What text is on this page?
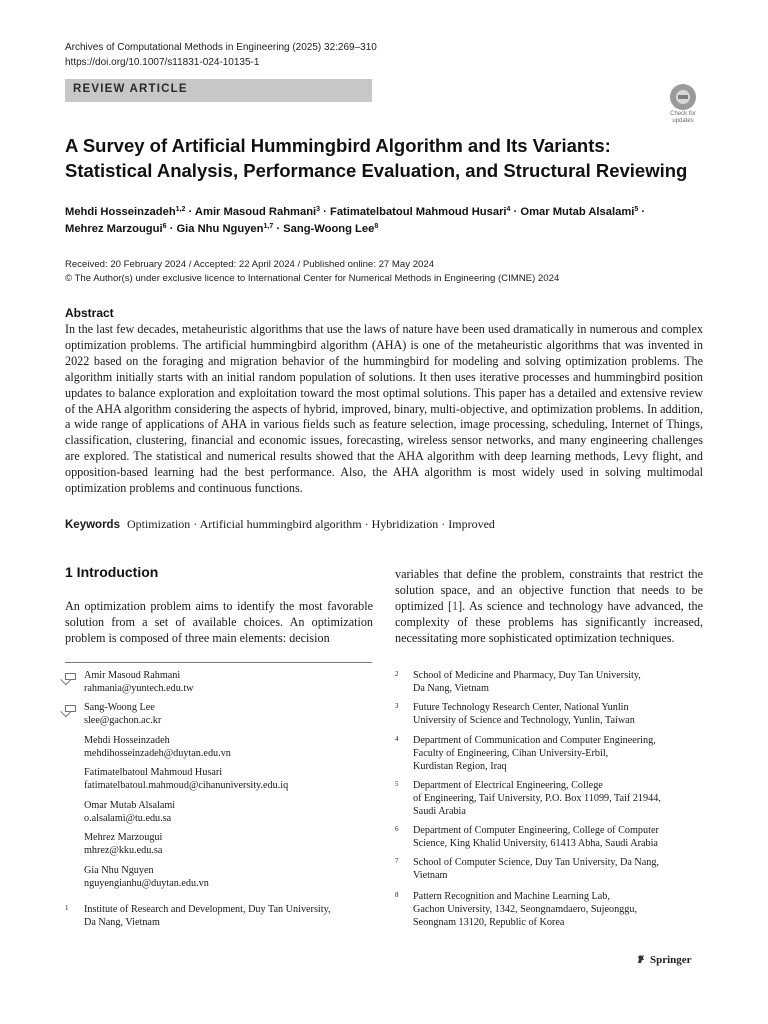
Archives of Computational Methods in Engineering (2025) 32:269–310
https://doi.org/10.1007/s11831-024-10135-1
REVIEW ARTICLE
Check for
updates
A Survey of Artificial Hummingbird Algorithm and Its Variants:
Statistical Analysis, Performance Evaluation, and Structural Reviewing
Mehdi Hosseinzadeh$^{1,2}$ · Amir Masoud Rahmani$^3$ · Fatimatelbatoul Mahmoud Husari$^4$ · Omar Mutab Alsalami$^5$ ·
Mehrez Marzougui$^6$ · Gia Nhu Nguyen$^{1,7}$ · Sang-Woong Lee$^8$
Received: 20 February 2024 / Accepted: 22 April 2024 / Published online: 27 May 2024
© The Author(s) under exclusive licence to International Center for Numerical Methods in Engineering (CIMNE) 2024
Abstract
In the last few decades, metaheuristic algorithms that use the laws of nature have been used dramatically in numerous and complex optimization problems. The artificial hummingbird algorithm (AHA) is one of the metaheuristic algorithms that was invented in 2022 based on the foraging and migration behavior of the hummingbird for modeling and solving optimization problems. The algorithm initially starts with an initial random population of solutions. It then uses iterative processes and hummingbird position updates to balance exploration and exploitation toward the most optimal solutions. This paper has a detailed and extensive review of the AHA algorithm considering the aspects of hybrid, improved, binary, multi-objective, and optimization problems. In addition, a wide range of applications of AHA in various fields such as feature selection, image processing, scheduling, Internet of Things, classification, clustering, financial and economic issues, forecasting, wireless sensor networks, and many engineering challenges are explored. The statistical and numerical results showed that the AHA algorithm with deep learning methods, Levy flight, and opposition-based learning had the best performance. Also, the AHA algorithm is most widely used in solving multimodal optimization problems and continuous functions.
Keywords Optimization · Artificial hummingbird algorithm · Hybridization · Improved
1 Introduction
An optimization problem aims to identify the most favorable solution from a set of available choices. An optimization problem is composed of three main elements: decision
variables that define the problem, constraints that restrict the solution space, and an objective function that needs to be optimized [1]. As science and technology have advanced, the complexity of these problems has significantly increased, necessitating more sophisticated optimization techniques.
Amir Masoud Rahmani
rahmania@yuntech.edu.tw
Sang-Woong Lee
slee@gachon.ac.kr
Mehdi Hosseinzadeh
mehdihosseinzadeh@duytan.edu.vn
Fatimatelbatoul Mahmoud Husari
fatimatelbatoul.mahmoud@cihanuniversity.edu.iq
Omar Mutab Alsalami
o.alsalami@tu.edu.sa
Mehrez Marzougui
mhrez@kku.edu.sa
Gia Nhu Nguyen
nguyengianhu@duytan.edu.vn
1 Institute of Research and Development, Duy Tan University,
Da Nang, Vietnam
2 School of Medicine and Pharmacy, Duy Tan University,
Da Nang, Vietnam
3 Future Technology Research Center, National Yunlin
University of Science and Technology, Yunlin, Taiwan
4 Department of Communication and Computer Engineering,
Faculty of Engineering, Cihan University-Erbil,
Kurdistan Region, Iraq
5 Department of Electrical Engineering, College
of Engineering, Taif University, P.O. Box 11099, Taif 21944,
Saudi Arabia
6 Department of Computer Engineering, College of Computer
Science, King Khalid University, 61413 Abha, Saudi Arabia
7 School of Computer Science, Duy Tan University, Da Nang,
Vietnam
8 Pattern Recognition and Machine Learning Lab,
Gachon University, 1342, Seongnamdaero, Sujeonggu,
Seongnam 13120, Republic of Korea
Springer
